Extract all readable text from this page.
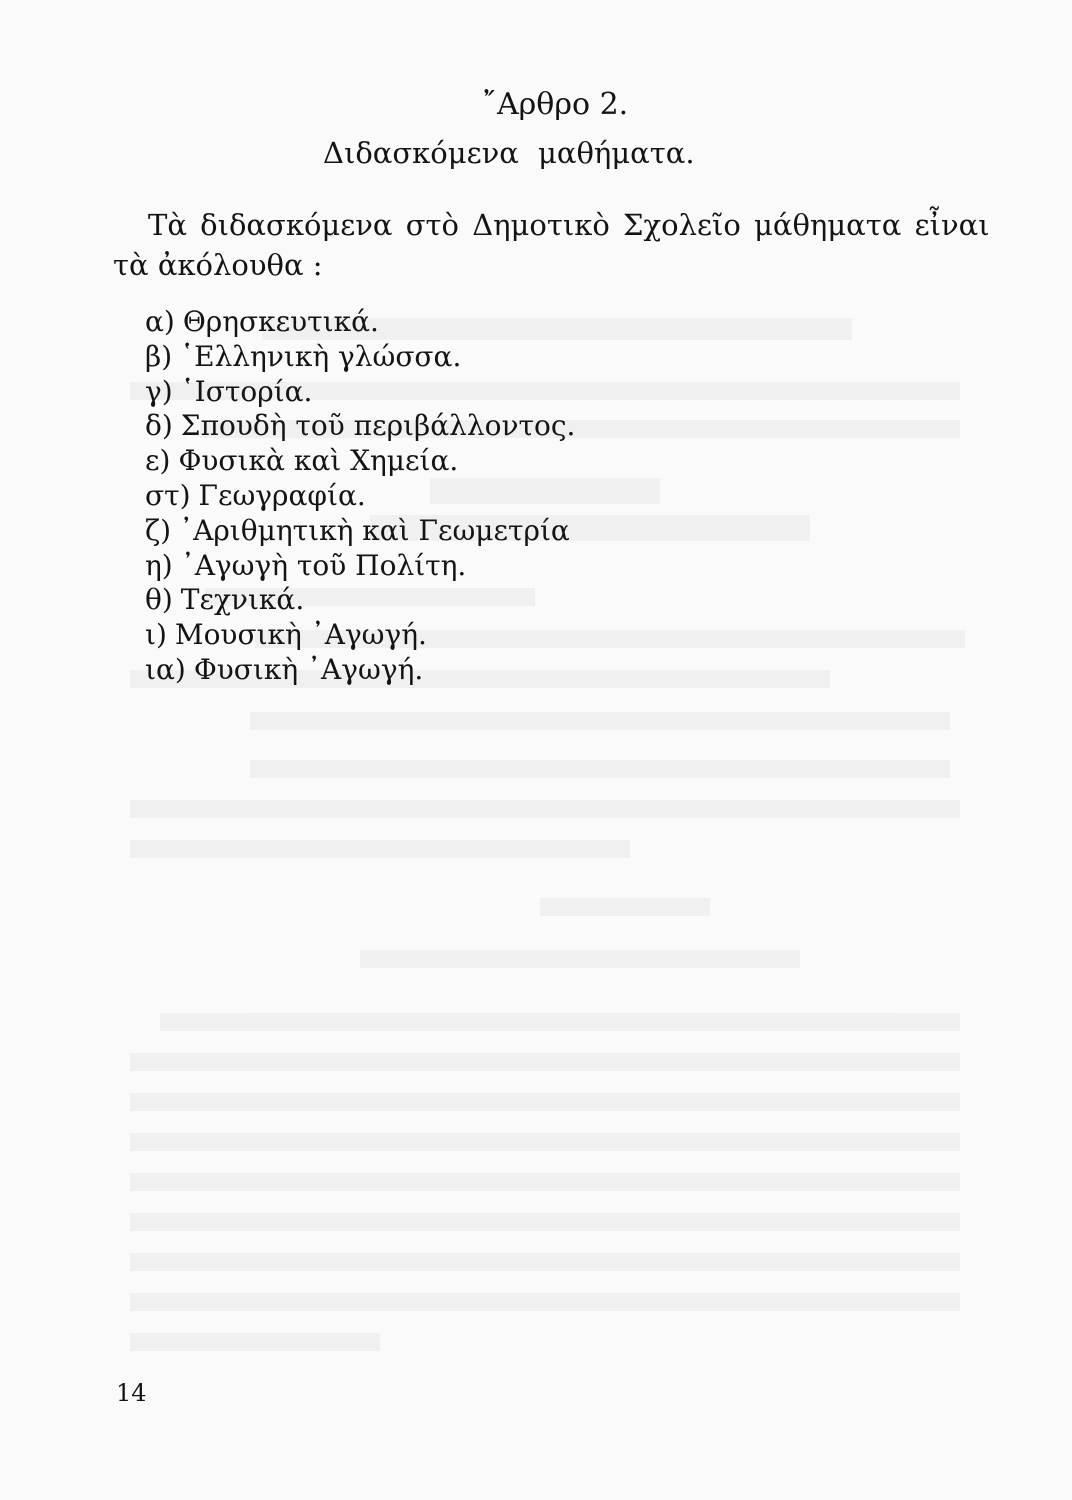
῎Αρθρο 2.
Διδασκόμενα μαθήματα.
Τὰ διδασκόμενα στὸ Δημοτικὸ Σχολεῖο μάθηματα εἶναι
τὰ ἀκόλουθα :
α) Θρησκευτικά.
β) ῾Ελληνικὴ γλώσσα.
γ) ῾Ιστορία.
δ) Σπουδὴ τοῦ περιβάλλοντος.
ε) Φυσικὰ καὶ Χημεία.
στ) Γεωγραφία.
ζ) ᾽Αριθμητικὴ καὶ Γεωμετρία
η) ᾽Αγωγὴ τοῦ Πολίτη.
θ) Τεχνικά.
ι) Μουσικὴ ᾽Αγωγή.
ια) Φυσικὴ ᾽Αγωγή.
14
